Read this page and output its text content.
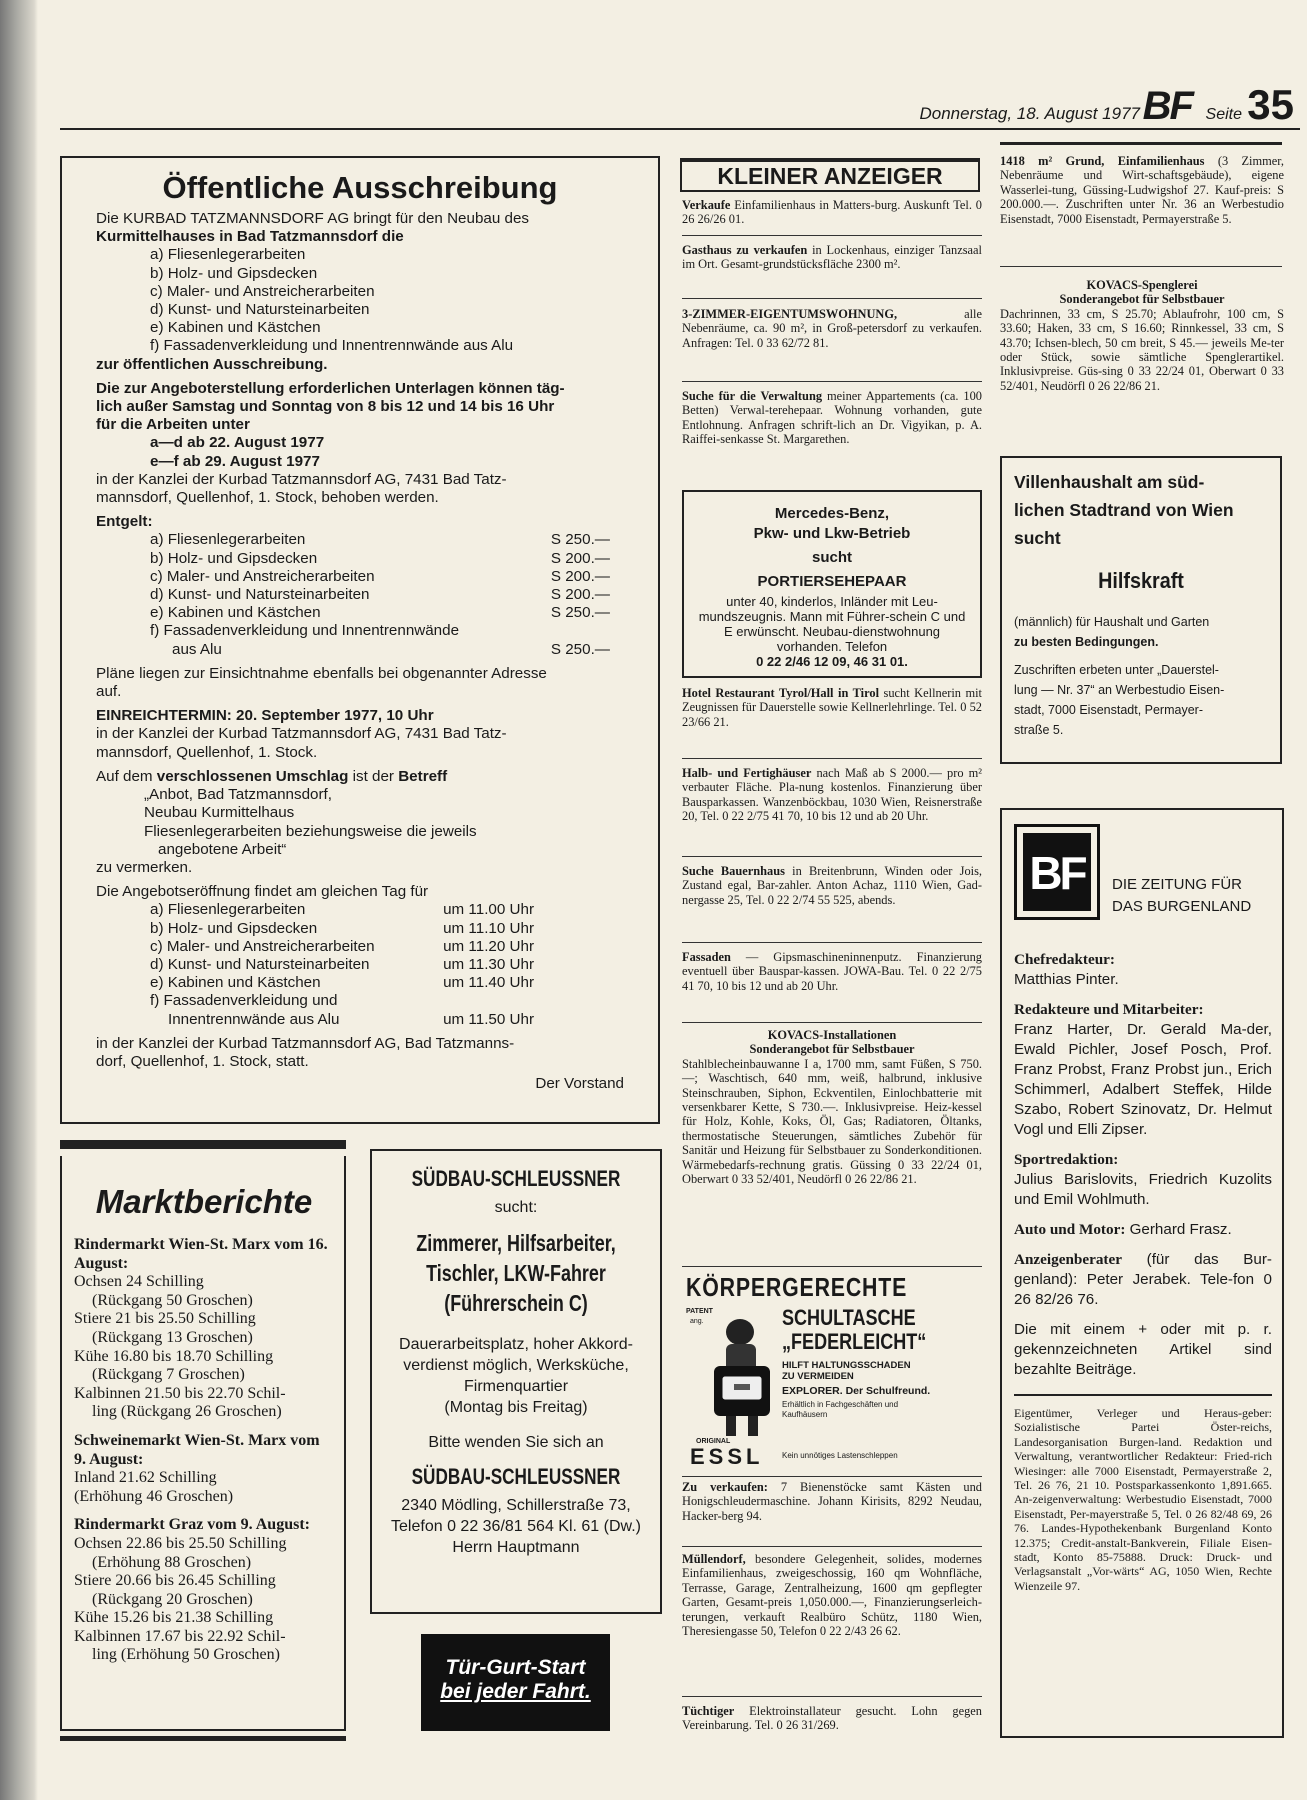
Donnerstag, 18. August 1977 BF Seite 35
Öffentliche Ausschreibung
Die KURBAD TATZMANNSDORF AG bringt für den Neubau des
Kurmittelhauses in Bad Tatzmannsdorf die
a) Fliesenlegerarbeiten
b) Holz- und Gipsdecken
c) Maler- und Anstreicherarbeiten
d) Kunst- und Natursteinarbeiten
e) Kabinen und Kästchen
f) Fassadenverkleidung und Innentrennwände aus Alu
zur öffentlichen Ausschreibung.
Die zur Angeboterstellung erforderlichen Unterlagen können täg-
lich außer Samstag und Sonntag von 8 bis 12 und 14 bis 16 Uhr
für die Arbeiten unter
a—d ab 22. August 1977
e—f ab 29. August 1977
in der Kanzlei der Kurbad Tatzmannsdorf AG, 7431 Bad Tatz-
mannsdorf, Quellenhof, 1. Stock, behoben werden.
Entgelt:
a) Fliesenlegerarbeiten	S 250.—
b) Holz- und Gipsdecken	S 200.—
c) Maler- und Anstreicherarbeiten	S 200.—
d) Kunst- und Natursteinarbeiten	S 200.—
e) Kabinen und Kästchen	S 250.—
f) Fassadenverkleidung und Innentrennwände
aus Alu	S 250.—
Pläne liegen zur Einsichtnahme ebenfalls bei obgenannter Adresse
auf.
EINREICHTERMIN: 20. September 1977, 10 Uhr
in der Kanzlei der Kurbad Tatzmannsdorf AG, 7431 Bad Tatz-
mannsdorf, Quellenhof, 1. Stock.
Auf dem verschlossenen Umschlag ist der Betreff
„Anbot, Bad Tatzmannsdorf,
Neubau Kurmittelhaus
Fliesenlegerarbeiten beziehungsweise die jeweils
angebotene Arbeit“
zu vermerken.
Die Angebotseröffnung findet am gleichen Tag für
a) Fliesenlegerarbeiten	um 11.00 Uhr
b) Holz- und Gipsdecken	um 11.10 Uhr
c) Maler- und Anstreicherarbeiten	um 11.20 Uhr
d) Kunst- und Natursteinarbeiten	um 11.30 Uhr
e) Kabinen und Kästchen	um 11.40 Uhr
f) Fassadenverkleidung und
Innentrennwände aus Alu	um 11.50 Uhr
in der Kanzlei der Kurbad Tatzmannsdorf AG, Bad Tatzmanns-
dorf, Quellenhof, 1. Stock, statt.
Der Vorstand
Marktberichte
Rindermarkt Wien-St. Marx vom 16. August:
Ochsen 24 Schilling
(Rückgang 50 Groschen)
Stiere 21 bis 25.50 Schilling
(Rückgang 13 Groschen)
Kühe 16.80 bis 18.70 Schilling
(Rückgang 7 Groschen)
Kalbinnen 21.50 bis 22.70 Schil-
ling (Rückgang 26 Groschen)
Schweinemarkt Wien-St. Marx vom 9. August:
Inland 21.62 Schilling
(Erhöhung 46 Groschen)
Rindermarkt Graz vom 9. August:
Ochsen 22.86 bis 25.50 Schilling
(Erhöhung 88 Groschen)
Stiere 20.66 bis 26.45 Schilling
(Rückgang 20 Groschen)
Kühe 15.26 bis 21.38 Schilling
Kalbinnen 17.67 bis 22.92 Schil-
ling (Erhöhung 50 Groschen)
SÜDBAU-SCHLEUSSNER
sucht:
Zimmerer, Hilfsarbeiter,
Tischler, LKW-Fahrer
(Führerschein C)
Dauerarbeitsplatz, hoher Akkord-
verdienst möglich, Werksküche,
Firmenquartier
(Montag bis Freitag)
Bitte wenden Sie sich an
SÜDBAU-SCHLEUSSNER
2340 Mödling, Schillerstraße 73,
Telefon 0 22 36/81 564 Kl. 61 (Dw.)
Herrn Hauptmann
Tür-Gurt-Start
bei jeder Fahrt.
KLEINER ANZEIGER
Verkaufe Einfamilienhaus in Matters-burg. Auskunft Tel. 0 26 26/26 01.
Gasthaus zu verkaufen in Lockenhaus, einziger Tanzsaal im Ort. Gesamt-grundstücksfläche 2300 m².
3-ZIMMER-EIGENTUMSWOHNUNG, alle Nebenräume, ca. 90 m², in Groß-petersdorf zu verkaufen. Anfragen: Tel. 0 33 62/72 81.
Suche für die Verwaltung meiner Appartements (ca. 100 Betten) Verwal-terehepaar. Wohnung vorhanden, gute Entlohnung. Anfragen schrift-lich an Dr. Vigyikan, p. A. Raiffei-senkasse St. Margarethen.
Mercedes-Benz,
Pkw- und Lkw-Betrieb
sucht
PORTIERSEHEPAAR
unter 40, kinderlos, Inländer mit Leu-mundszeugnis. Mann mit Führer-schein C und E erwünscht. Neubau-dienstwohnung vorhanden. Telefon
0 22 2/46 12 09, 46 31 01.
Hotel Restaurant Tyrol/Hall in Tirol sucht Kellnerin mit Zeugnissen für Dauerstelle sowie Kellnerlehrlinge. Tel. 0 52 23/66 21.
Halb- und Fertighäuser nach Maß ab S 2000.— pro m² verbauter Fläche. Pla-nung kostenlos. Finanzierung über Bausparkassen. Wanzenböckbau, 1030 Wien, Reisnerstraße 20, Tel. 0 22 2/75 41 70, 10 bis 12 und ab 20 Uhr.
Suche Bauernhaus in Breitenbrunn, Winden oder Jois, Zustand egal, Bar-zahler. Anton Achaz, 1110 Wien, Gad-nergasse 25, Tel. 0 22 2/74 55 525, abends.
Fassaden — Gipsmaschineninnenputz. Finanzierung eventuell über Bauspar-kassen. JOWA-Bau. Tel. 0 22 2/75 41 70, 10 bis 12 und ab 20 Uhr.
KOVACS-Installationen
Sonderangebot für Selbstbauer
Stahlblecheinbauwanne I a, 1700 mm, samt Füßen, S 750.—; Waschtisch, 640 mm, weiß, halbrund, inklusive Steinschrauben, Siphon, Eckventilen, Einlochbatterie mit versenkbarer Kette, S 730.—. Inklusivpreise. Heiz-kessel für Holz, Kohle, Koks, Öl, Gas; Radiatoren, Öltanks, thermostatische Steuerungen, sämtliches Zubehör für Sanitär und Heizung für Selbstbauer zu Sonderkonditionen. Wärmebedarfs-rechnung gratis. Güssing 0 33 22/24 01, Oberwart 0 33 52/401, Neudörfl 0 26 22/86 21.
KÖRPERGERECHTE
PATENT
ang.	SCHULTASCHE
„FEDERLEICHT“
HILFT HALTUNGSSCHADEN
ZU VERMEIDEN
EXPLORER. Der Schulfreund.
Erhältlich in Fachgeschäften und
Kaufhäusern
ORIGINAL
ESSL Kein unnötiges Lastenschleppen
Zu verkaufen: 7 Bienenstöcke samt Kästen und Honigschleudermaschine. Johann Kirisits, 8292 Neudau, Hacker-berg 94.
Müllendorf, besondere Gelegenheit, solides, modernes Einfamilienhaus, zweigeschossig, 160 qm Wohnfläche, Terrasse, Garage, Zentralheizung, 1600 qm gepflegter Garten, Gesamt-preis 1,050.000.—, Finanzierungserleich-terungen, verkauft Realbüro Schütz, 1180 Wien, Theresiengasse 50, Telefon 0 22 2/43 26 62.
Tüchtiger Elektroinstallateur gesucht. Lohn gegen Vereinbarung. Tel. 0 26 31/269.
1418 m² Grund, Einfamilienhaus (3 Zimmer, Nebenräume und Wirt-schaftsgebäude), eigene Wasserlei-tung, Güssing-Ludwigshof 27. Kauf-preis: S 200.000.—. Zuschriften unter Nr. 36 an Werbestudio Eisenstadt, 7000 Eisenstadt, Permayerstraße 5.
KOVACS-Spenglerei
Sonderangebot für Selbstbauer
Dachrinnen, 33 cm, S 25.70; Ablaufrohr, 100 cm, S 33.60; Haken, 33 cm, S 16.60; Rinnkessel, 33 cm, S 43.70; Ichsen-blech, 50 cm breit, S 45.— jeweils Me-ter oder Stück, sowie sämtliche Spenglerartikel. Inklusivpreise. Güs-sing 0 33 22/24 01, Oberwart 0 33 52/401, Neudörfl 0 26 22/86 21.
Villenhaushalt am süd-
lichen Stadtrand von Wien
sucht
Hilfskraft
(männlich) für Haushalt und Garten
zu besten Bedingungen.
Zuschriften erbeten unter „Dauerstel-
lung — Nr. 37“ an Werbestudio Eisen-
stadt, 7000 Eisenstadt, Permayer-
straße 5.
BF	DIE ZEITUNG FÜR
DAS BURGENLAND
Chefredakteur:
Matthias Pinter.
Redakteure und Mitarbeiter:
Franz Harter, Dr. Gerald Ma-der, Ewald Pichler, Josef Posch, Prof. Franz Probst, Franz Probst jun., Erich Schimmerl, Adalbert Steffek, Hilde Szabo, Robert Szinovatz, Dr. Helmut Vogl und Elli Zipser.
Sportredaktion:
Julius Barislovits, Friedrich Kuzolits und Emil Wohlmuth.
Auto und Motor: Gerhard Frasz.
Anzeigenberater (für das Bur-genland): Peter Jerabek. Tele-fon 0 26 82/26 76.
Die mit einem + oder mit p. r. gekennzeichneten Artikel sind bezahlte Beiträge.
Eigentümer, Verleger und Heraus-geber: Sozialistische Partei Öster-reichs, Landesorganisation Burgen-land. Redaktion und Verwaltung, verantwortlicher Redakteur: Fried-rich Wiesinger: alle 7000 Eisenstadt, Permayerstraße 2, Tel. 26 76, 21 10. Postsparkassenkonto 1,891.665. An-zeigenverwaltung: Werbestudio Eisenstadt, 7000 Eisenstadt, Per-mayerstraße 5, Tel. 0 26 82/48 69, 26 76. Landes-Hypothekenbank Burgenland Konto 12.375; Credit-anstalt-Bankverein, Filiale Eisen-stadt, Konto 85-75888. Druck: Druck- und Verlagsanstalt „Vor-wärts“ AG, 1050 Wien, Rechte Wienzeile 97.
